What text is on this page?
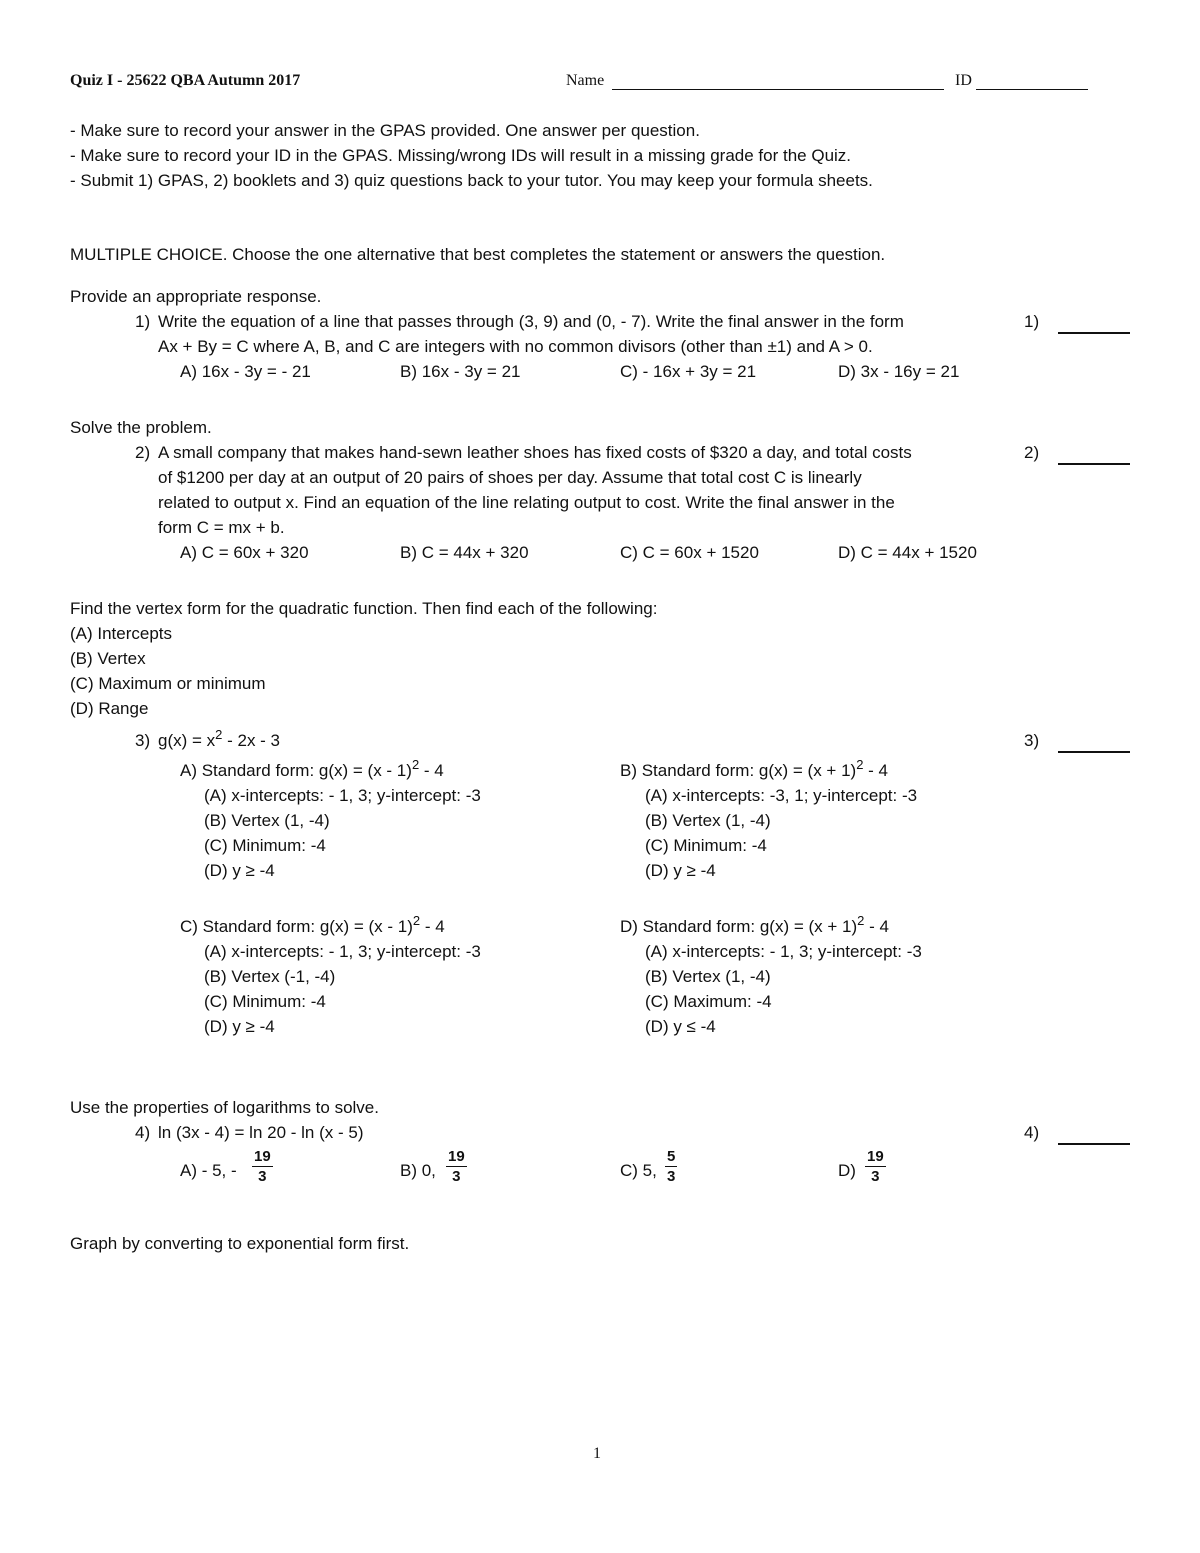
Quiz I - 25622 QBA Autumn 2017	Name	ID
- Make sure to record your answer in the GPAS provided. One answer per question.
- Make sure to record your ID in the GPAS. Missing/wrong IDs will result in a missing grade for the Quiz.
- Submit 1) GPAS, 2) booklets and 3) quiz questions back to your tutor. You may keep your formula sheets.
MULTIPLE CHOICE. Choose the one alternative that best completes the statement or answers the question.
Provide an appropriate response.
1) Write the equation of a line that passes through (3, 9) and (0, - 7). Write the final answer in the form
Ax + By = C where A, B, and C are integers with no common divisors (other than ±1) and A > 0.
A) 16x - 3y = - 21	B) 16x - 3y = 21	C) - 16x + 3y = 21	D) 3x - 16y = 21
1)
Solve the problem.
2) A small company that makes hand-sewn leather shoes has fixed costs of $320 a day, and total costs
of $1200 per day at an output of 20 pairs of shoes per day. Assume that total cost C is linearly
related to output x. Find an equation of the line relating output to cost. Write the final answer in the
form C = mx + b.
A) C = 60x + 320	B) C = 44x + 320	C) C = 60x + 1520	D) C = 44x + 1520
2)
Find the vertex form for the quadratic function. Then find each of the following:
(A) Intercepts
(B) Vertex
(C) Maximum or minimum
(D) Range
3) $g(x) = x^2 - 2x - 3$	3)
A) Standard form: g(x) = (x - 1)$^2$ - 4
(A) x-intercepts: - 1, 3; y-intercept: -3
(B) Vertex (1, -4)
(C) Minimum: -4
(D) y ≥ -4
B) Standard form: $g(x) = (x + 1)^2 - 4$
(A) x-intercepts: -3, 1; y-intercept: -3
(B) Vertex (1, -4)
(C) Minimum: -4
(D) y ≥ -4
C) Standard form: g(x) = (x - 1)$^2$ - 4
(A) x-intercepts: - 1, 3; y-intercept: -3
(B) Vertex (-1, -4)
(C) Minimum: -4
(D) y ≥ -4
D) Standard form: $g(x) = (x + 1)^2 - 4$
(A) x-intercepts: - 1, 3; y-intercept: -3
(B) Vertex (1, -4)
(C) Maximum: -4
(D) y ≤ -4
Use the properties of logarithms to solve.
4) ln (3x - 4) = ln 20 - ln (x - 5)	4)
A) - 5, - $\frac{19}{3}$	B) 0, $\frac{19}{3}$	C) 5, $\frac{5}{3}$	$D) \frac{19}{3}$
Graph by converting to exponential form first.
1
